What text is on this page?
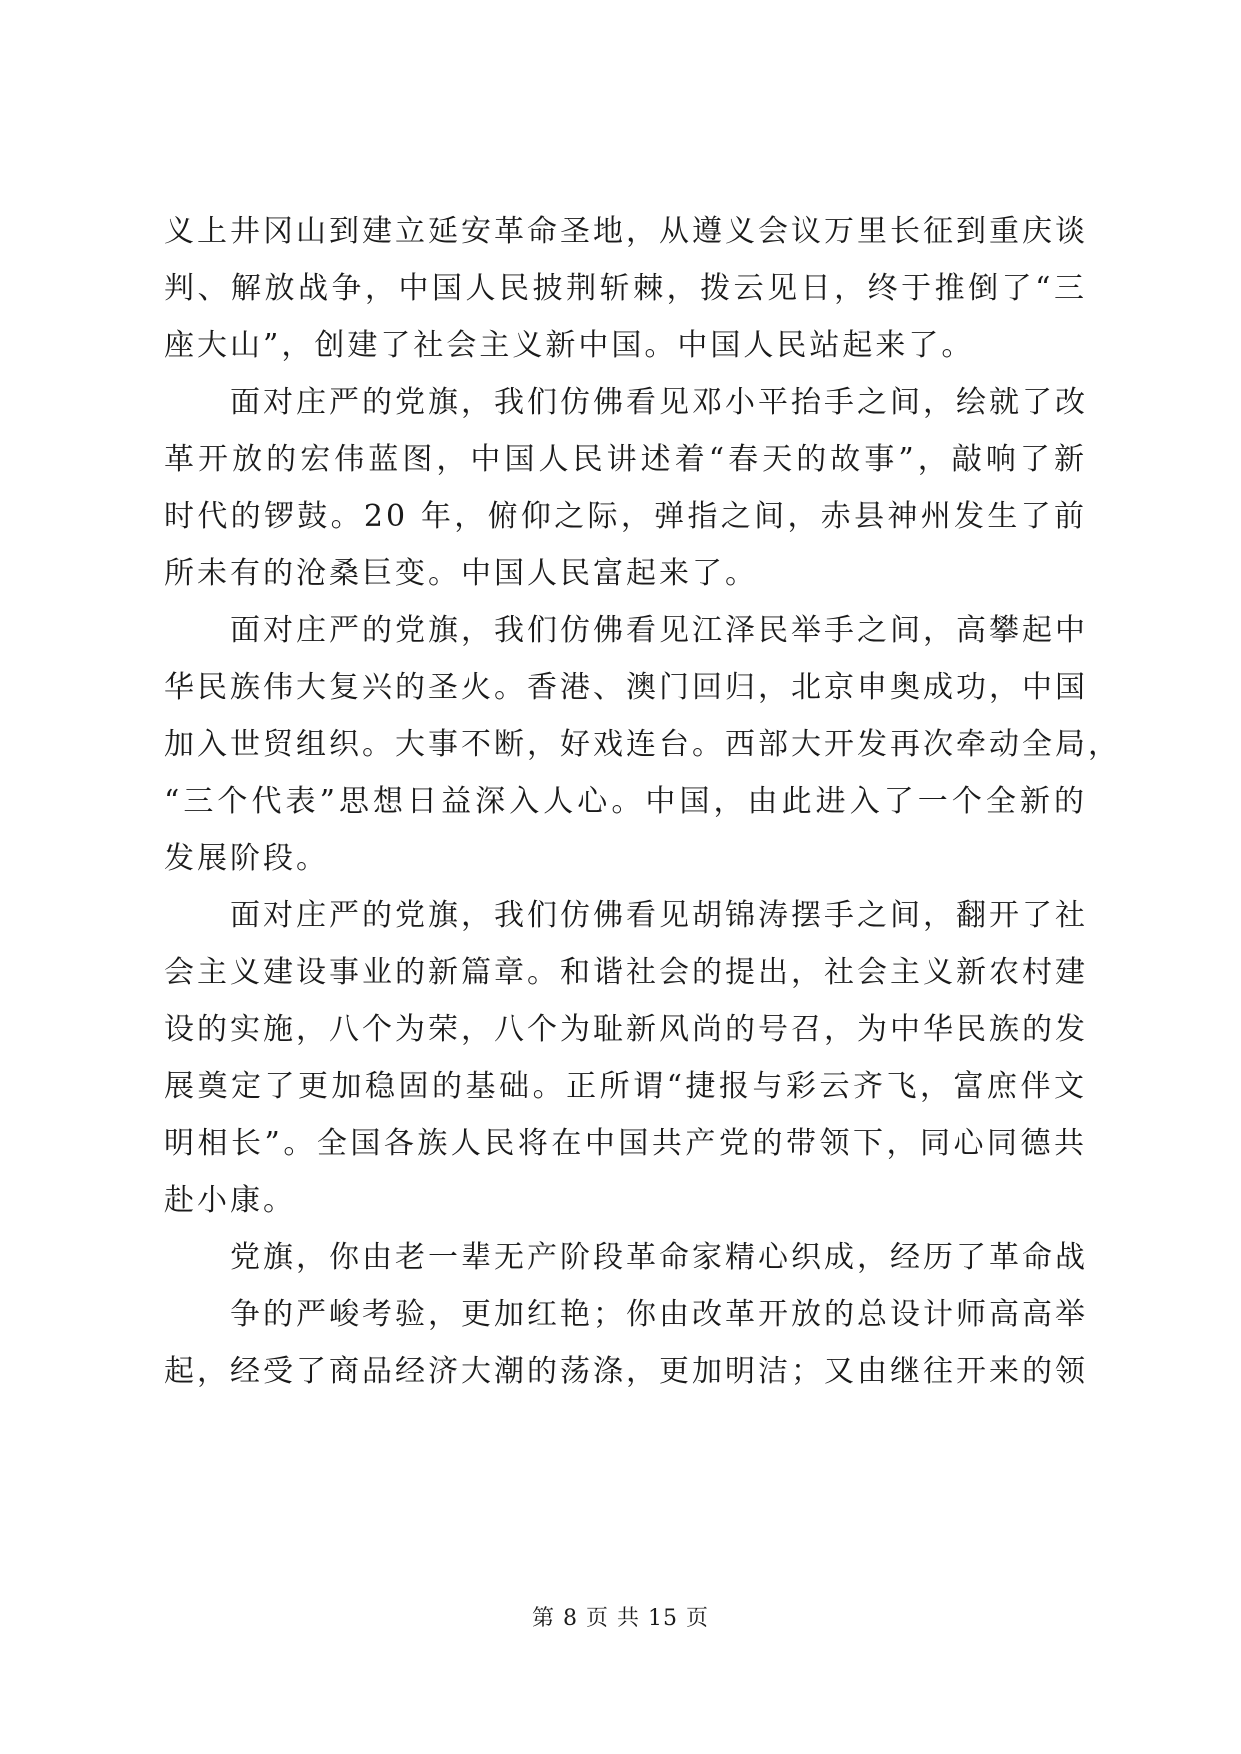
义上井冈山到建立延安革命圣地，从遵义会议万里长征到重庆谈
判、解放战争，中国人民披荆斩棘，拨云见日，终于推倒了“三
座大山”，创建了社会主义新中国。中国人民站起来了。
面对庄严的党旗，我们仿佛看见邓小平抬手之间，绘就了改
革开放的宏伟蓝图，中国人民讲述着“春天的故事”，敲响了新
时代的锣鼓。20 年，俯仰之际，弹指之间，赤县神州发生了前
所未有的沧桑巨变。中国人民富起来了。
面对庄严的党旗，我们仿佛看见江泽民举手之间，高攀起中
华民族伟大复兴的圣火。香港、澳门回归，北京申奥成功，中国
加入世贸组织。大事不断，好戏连台。西部大开发再次牵动全局，
“三个代表”思想日益深入人心。中国，由此进入了一个全新的
发展阶段。
面对庄严的党旗，我们仿佛看见胡锦涛摆手之间，翻开了社
会主义建设事业的新篇章。和谐社会的提出，社会主义新农村建
设的实施，八个为荣，八个为耻新风尚的号召，为中华民族的发
展奠定了更加稳固的基础。正所谓“捷报与彩云齐飞，富庶伴文
明相长”。全国各族人民将在中国共产党的带领下，同心同德共
赴小康。
党旗，你由老一辈无产阶段革命家精心织成，经历了革命战
争的严峻考验，更加红艳；你由改革开放的总设计师高高举
起，经受了商品经济大潮的荡涤，更加明洁；又由继往开来的领
第 8 页 共 15 页
